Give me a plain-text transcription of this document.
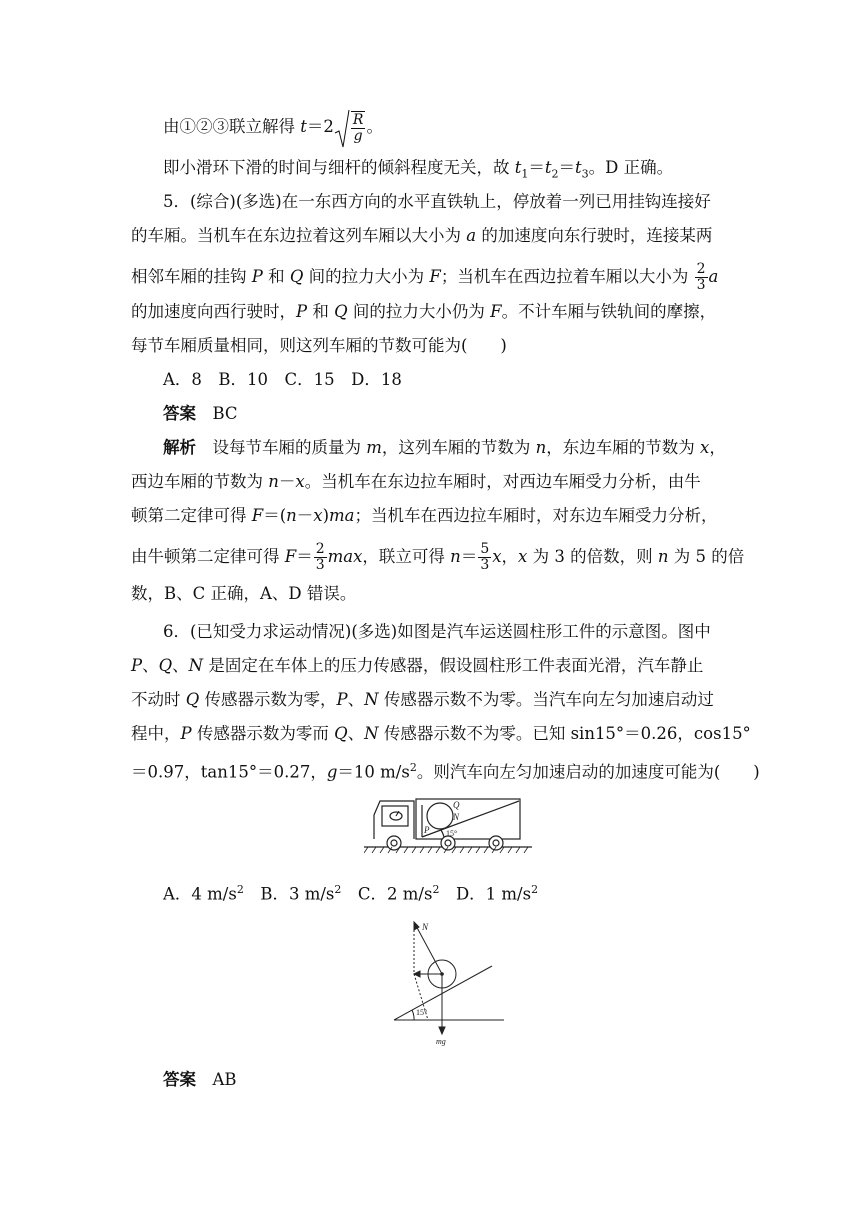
由①②③联立解得 $t=2 \frac{R}{g}$ 。
即小滑环下滑的时间与细杆的倾斜程度无关，故 $t_1=t_2=t_3$。D 正确。
5．(综合)(多选)在一东西方向的水平直铁轨上，停放着一列已用挂钩连接好
的车厢。当机车在东边拉着这列车厢以大小为 a 的加速度向东行驶时，连接某两
相邻车厢的挂钩 P 和 Q 间的拉力大小为 F；当机车在西边拉着车厢以大小为 $\frac{2}{3}$ a
的加速度向西行驶时，P 和 Q 间的拉力大小仍为 F。不计车厢与铁轨间的摩擦，
每节车厢质量相同，则这列车厢的节数可能为(　　)
A．8　B．10　C．15　D．18
答案　 BC
解析　 设每节车厢的质量为 m，这列车厢的节数为 n，东边车厢的节数为 x，
西边车厢的节数为 n－x。当机车在东边拉车厢时，对西边车厢受力分析，由牛
顿第二定律可得 F＝(n－x)ma；当机车在西边拉车厢时，对东边车厢受力分析，
由牛顿第二定律可得 $F= \frac{2}{3}$ max，联立可得 $n= \frac{5}{3}$ x，x 为 3 的倍数，则 n 为 5 的倍
数，B、C 正确，A、D 错误。
6．(已知受力求运动情况)(多选)如图是汽车运送圆柱形工件的示意图。图中
P、Q、N 是固定在车体上的压力传感器，假设圆柱形工件表面光滑，汽车静止
不动时 Q 传感器示数为零，P、N 传感器示数不为零。当汽车向左匀加速启动过
程中，P 传感器示数为零而 Q、N 传感器示数不为零。已知 sin15°＝0.26，cos15°
＝0.97，tan15°＝0.27，g＝10 $m/s^2$。则汽车向左匀加速启动的加速度可能为(　　)
Q
N
P 15°
A．4 $m/s^2$　B．3 $m/s^2$　C．2 $m/s^2$　D．1 $m/s^2$
N
15°
mg
答案　 AB
